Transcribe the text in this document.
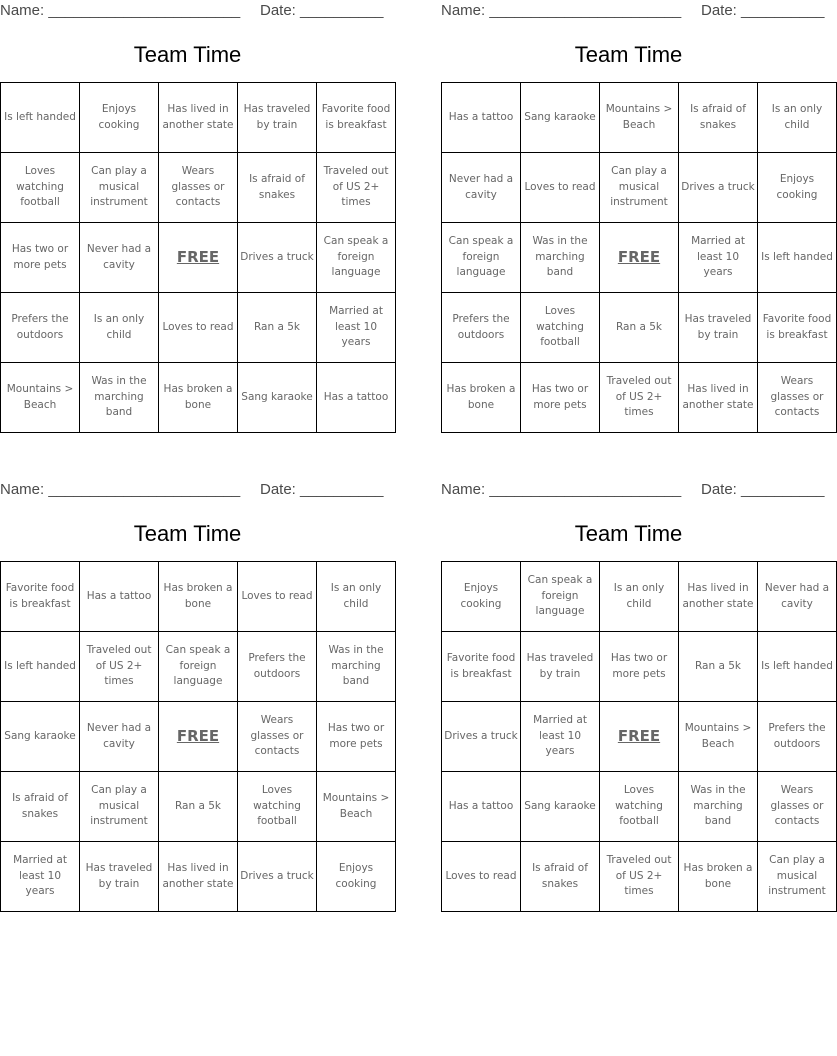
Name: _______________________ Date: __________
Team Time
Is left handed	Enjoys cooking	Has lived in another state	Has traveled by train	Favorite food is breakfast
Loves watching football	Can play a musical instrument	Wears glasses or contacts	Is afraid of snakes	Traveled out of US 2+ times
Has two or more pets	Never had a cavity	FREE	Drives a truck	Can speak a foreign language
Prefers the outdoors	Is an only child	Loves to read	Ran a 5k	Married at least 10 years
Mountains > Beach	Was in the marching band	Has broken a bone	Sang karaoke	Has a tattoo
Name: _______________________ Date: __________
Team Time
Has a tattoo	Sang karaoke	Mountains > Beach	Is afraid of snakes	Is an only child
Never had a cavity	Loves to read	Can play a musical instrument	Drives a truck	Enjoys cooking
Can speak a foreign language	Was in the marching band	FREE	Married at least 10 years	Is left handed
Prefers the outdoors	Loves watching football	Ran a 5k	Has traveled by train	Favorite food is breakfast
Has broken a bone	Has two or more pets	Traveled out of US 2+ times	Has lived in another state	Wears glasses or contacts
Name: _______________________ Date: __________
Team Time
Favorite food is breakfast	Has a tattoo	Has broken a bone	Loves to read	Is an only child
Is left handed	Traveled out of US 2+ times	Can speak a foreign language	Prefers the outdoors	Was in the marching band
Sang karaoke	Never had a cavity	FREE	Wears glasses or contacts	Has two or more pets
Is afraid of snakes	Can play a musical instrument	Ran a 5k	Loves watching football	Mountains > Beach
Married at least 10 years	Has traveled by train	Has lived in another state	Drives a truck	Enjoys cooking
Name: _______________________ Date: __________
Team Time
Enjoys cooking	Can speak a foreign language	Is an only child	Has lived in another state	Never had a cavity
Favorite food is breakfast	Has traveled by train	Has two or more pets	Ran a 5k	Is left handed
Drives a truck	Married at least 10 years	FREE	Mountains > Beach	Prefers the outdoors
Has a tattoo	Sang karaoke	Loves watching football	Was in the marching band	Wears glasses or contacts
Loves to read	Is afraid of snakes	Traveled out of US 2+ times	Has broken a bone	Can play a musical instrument
